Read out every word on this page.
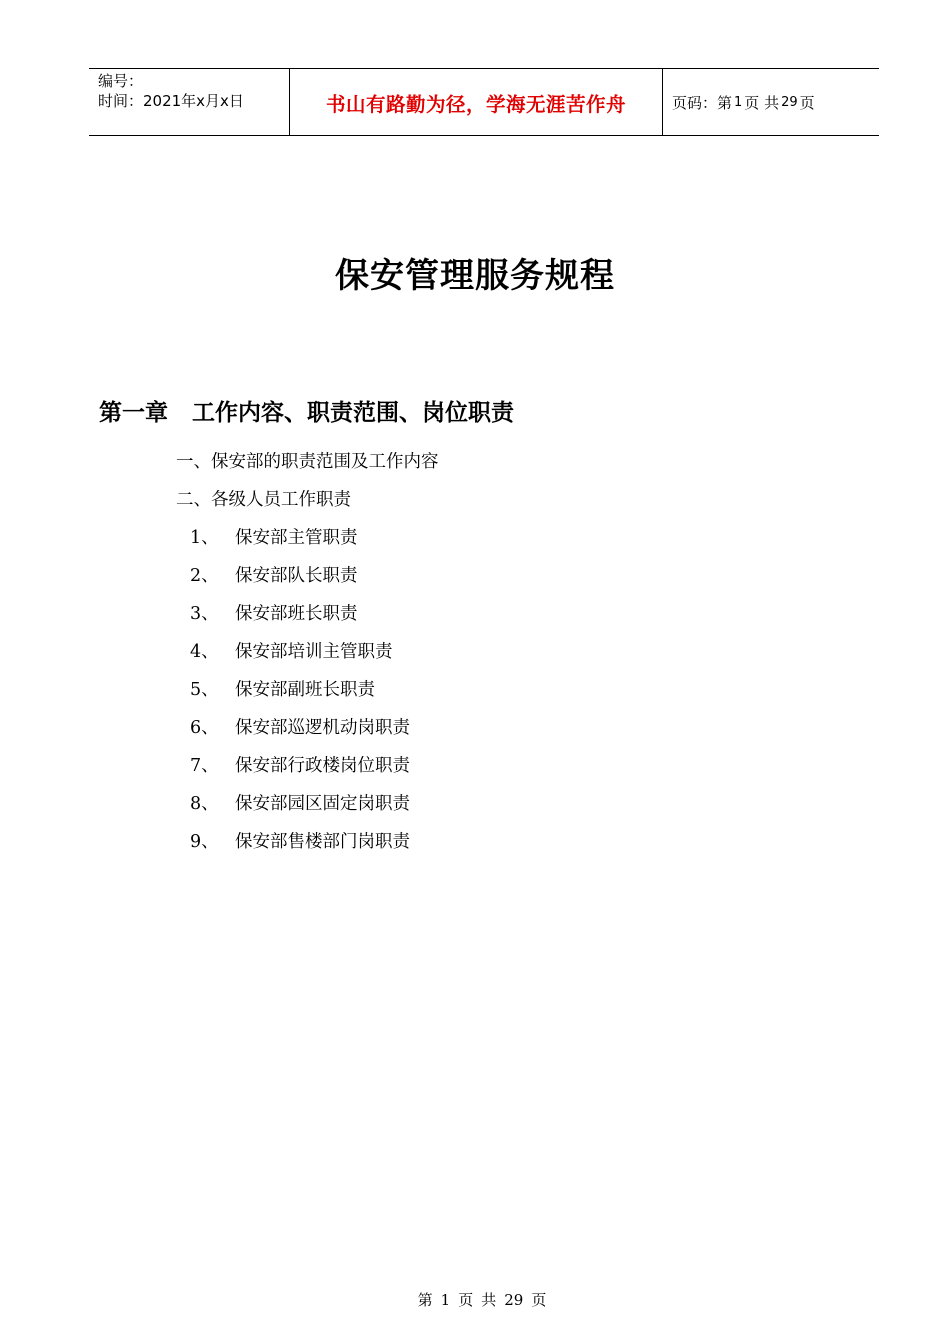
编号：
时间：2021年x月x日	书山有路勤为径，学海无涯苦作舟	页码：第 1 页 共 29 页
保安管理服务规程
第一章 工作内容、职责范围、岗位职责
一、保安部的职责范围及工作内容
二、各级人员工作职责
1、 保安部主管职责
2、 保安部队长职责
3、 保安部班长职责
4、 保安部培训主管职责
5、 保安部副班长职责
6、 保安部巡逻机动岗职责
7、 保安部行政楼岗位职责
8、 保安部园区固定岗职责
9、 保安部售楼部门岗职责
第 1 页 共 29 页
